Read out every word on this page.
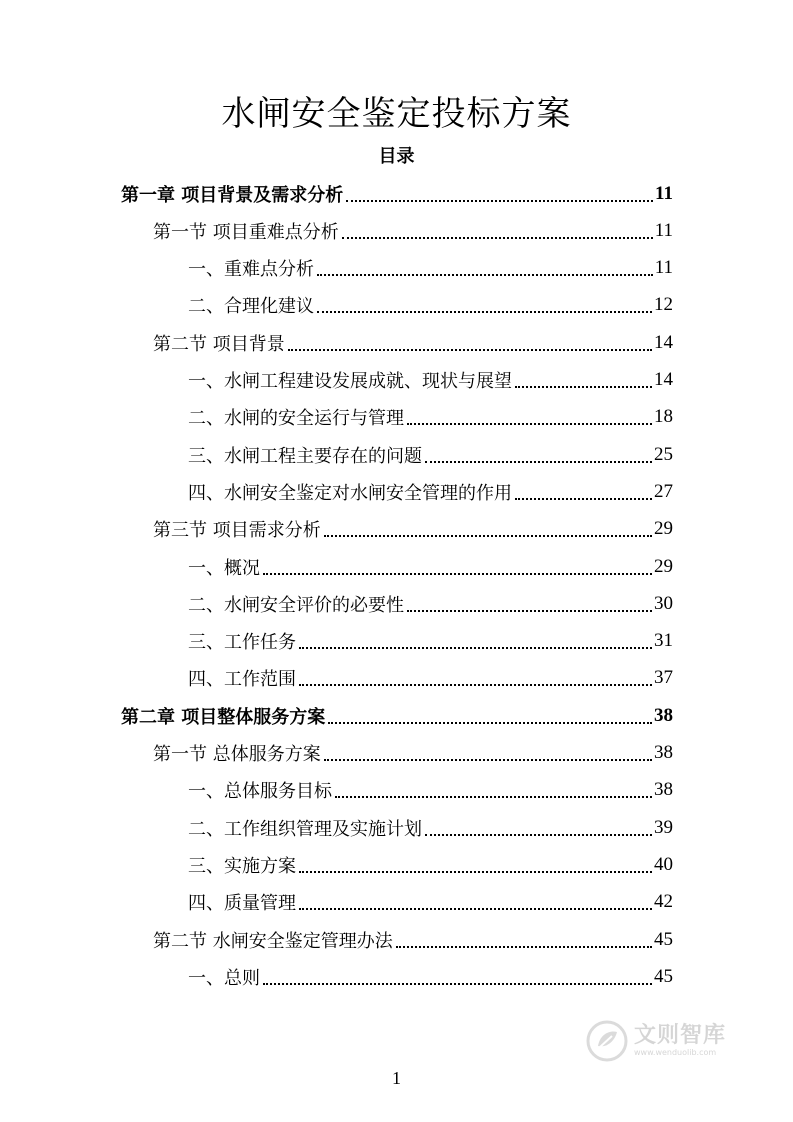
水闸安全鉴定投标方案
目录
第一章 项目背景及需求分析	11
第一节 项目重难点分析	11
一、重难点分析	11
二、合理化建议	12
第二节 项目背景	14
一、水闸工程建设发展成就、现状与展望	14
二、水闸的安全运行与管理	18
三、水闸工程主要存在的问题	25
四、水闸安全鉴定对水闸安全管理的作用	27
第三节 项目需求分析	29
一、概况	29
二、水闸安全评价的必要性	30
三、工作任务	31
四、工作范围	37
第二章 项目整体服务方案	38
第一节 总体服务方案	38
一、总体服务目标	38
二、工作组织管理及实施计划	39
三、实施方案	40
四、质量管理	42
第二节 水闸安全鉴定管理办法	45
一、总则	45
文则智库
www.wenduolib.com
1
